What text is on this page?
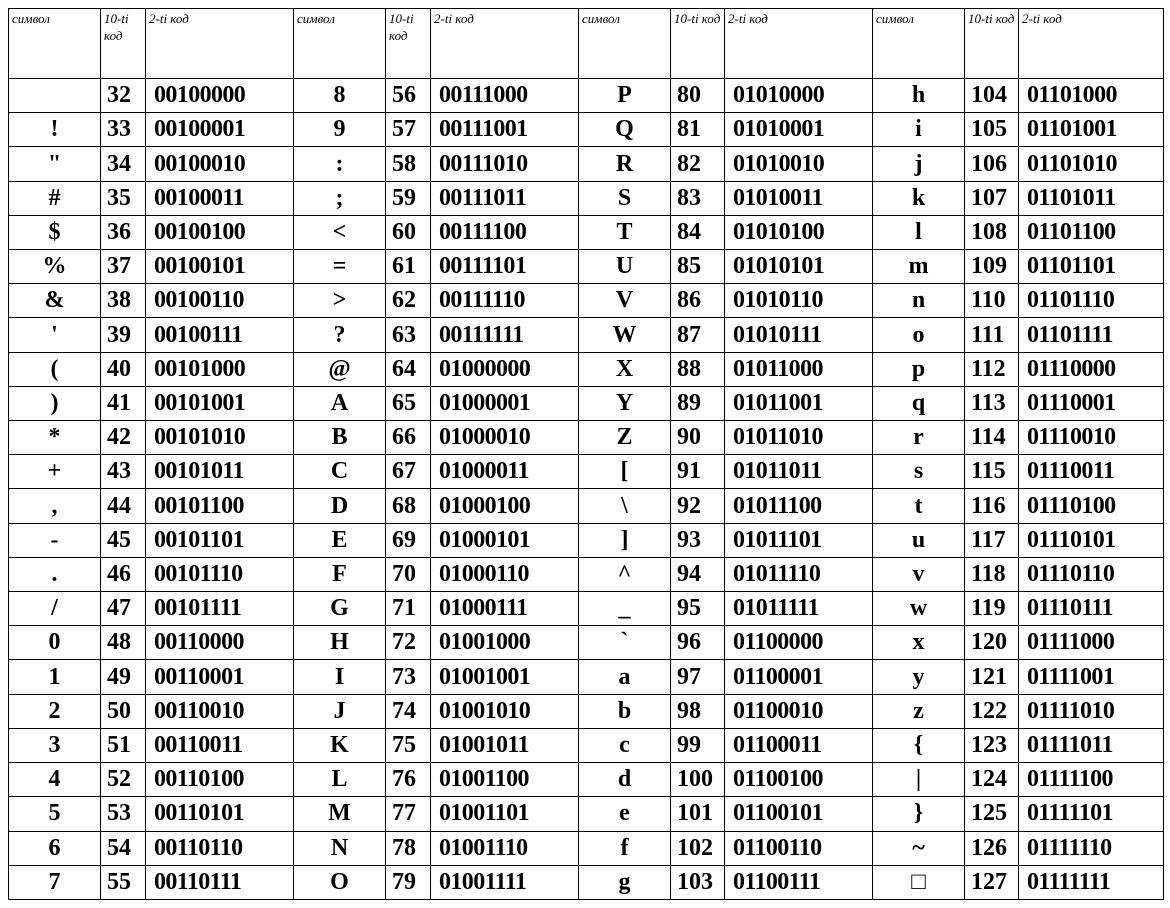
символ	10-ti код	2-ti код	символ	10-ti код	2-ti код	символ	10-ti код	2-ti код	символ	10-ti код	2-ti код
	32	00100000	8	56	00111000	P	80	01010000	h	104	01101000
!	33	00100001	9	57	00111001	Q	81	01010001	i	105	01101001
"	34	00100010	:	58	00111010	R	82	01010010	j	106	01101010
#	35	00100011	;	59	00111011	S	83	01010011	k	107	01101011
$	36	00100100	<	60	00111100	T	84	01010100	l	108	01101100
%	37	00100101	=	61	00111101	U	85	01010101	m	109	01101101
&	38	00100110	>	62	00111110	V	86	01010110	n	110	01101110
'	39	00100111	?	63	00111111	W	87	01010111	o	111	01101111
(	40	00101000	@	64	01000000	X	88	01011000	p	112	01110000
)	41	00101001	A	65	01000001	Y	89	01011001	q	113	01110001
*	42	00101010	B	66	01000010	Z	90	01011010	r	114	01110010
+	43	00101011	C	67	01000011	[	91	01011011	s	115	01110011
,	44	00101100	D	68	01000100	\	92	01011100	t	116	01110100
-	45	00101101	E	69	01000101	]	93	01011101	u	117	01110101
.	46	00101110	F	70	01000110	^	94	01011110	v	118	01110110
/	47	00101111	G	71	01000111	_	95	01011111	w	119	01110111
0	48	00110000	H	72	01001000	`	96	01100000	x	120	01111000
1	49	00110001	I	73	01001001	a	97	01100001	y	121	01111001
2	50	00110010	J	74	01001010	b	98	01100010	z	122	01111010
3	51	00110011	K	75	01001011	c	99	01100011	{	123	01111011
4	52	00110100	L	76	01001100	d	100	01100100	|	124	01111100
5	53	00110101	M	77	01001101	e	101	01100101	}	125	01111101
6	54	00110110	N	78	01001110	f	102	01100110	~	126	01111110
7	55	00110111	O	79	01001111	g	103	01100111	□	127	01111111
